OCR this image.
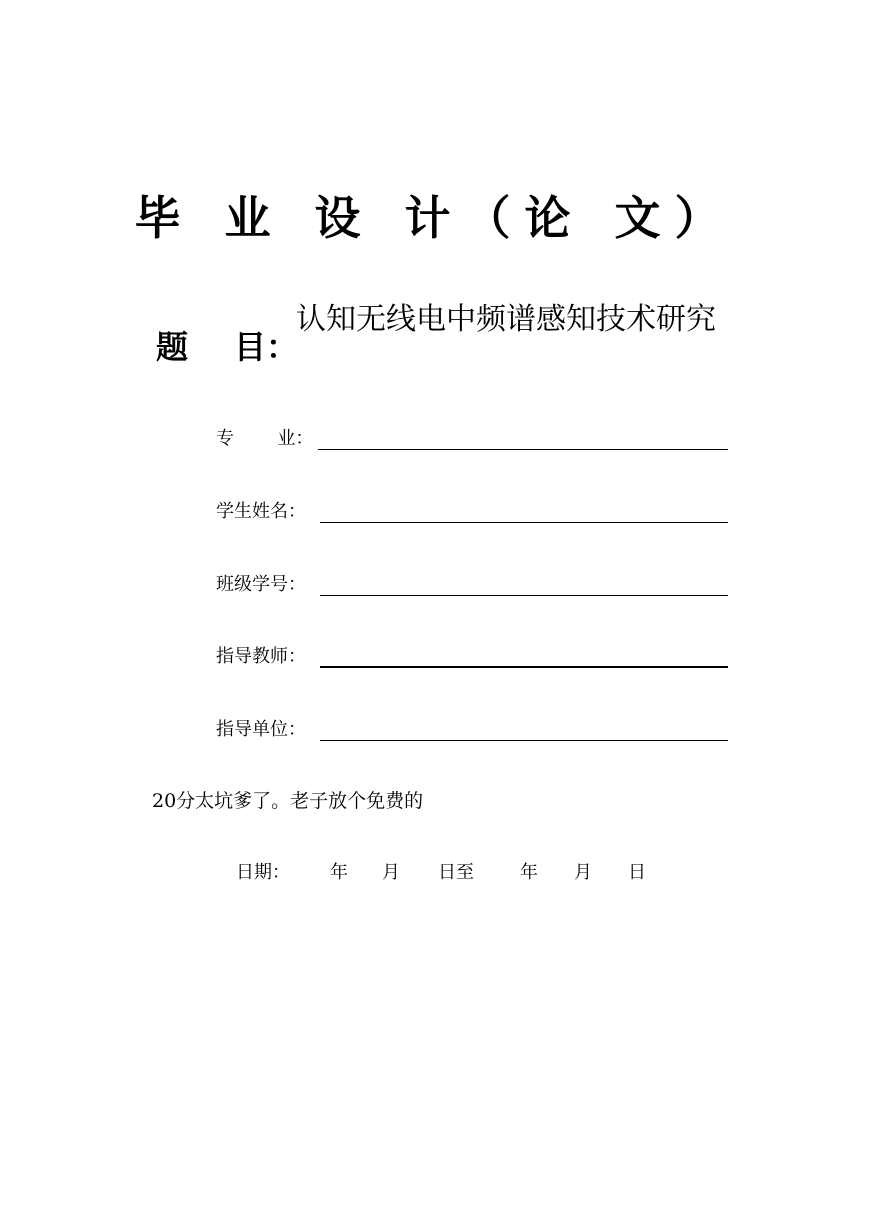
毕 业 设 计（论 文）
题 目：
认知无线电中频谱感知技术研究
专    业：
学生姓名：
班级学号：
指导教师：
指导单位：
20分太坑爹了。老子放个免费的
日期： 年 月 日至	年 月 日
